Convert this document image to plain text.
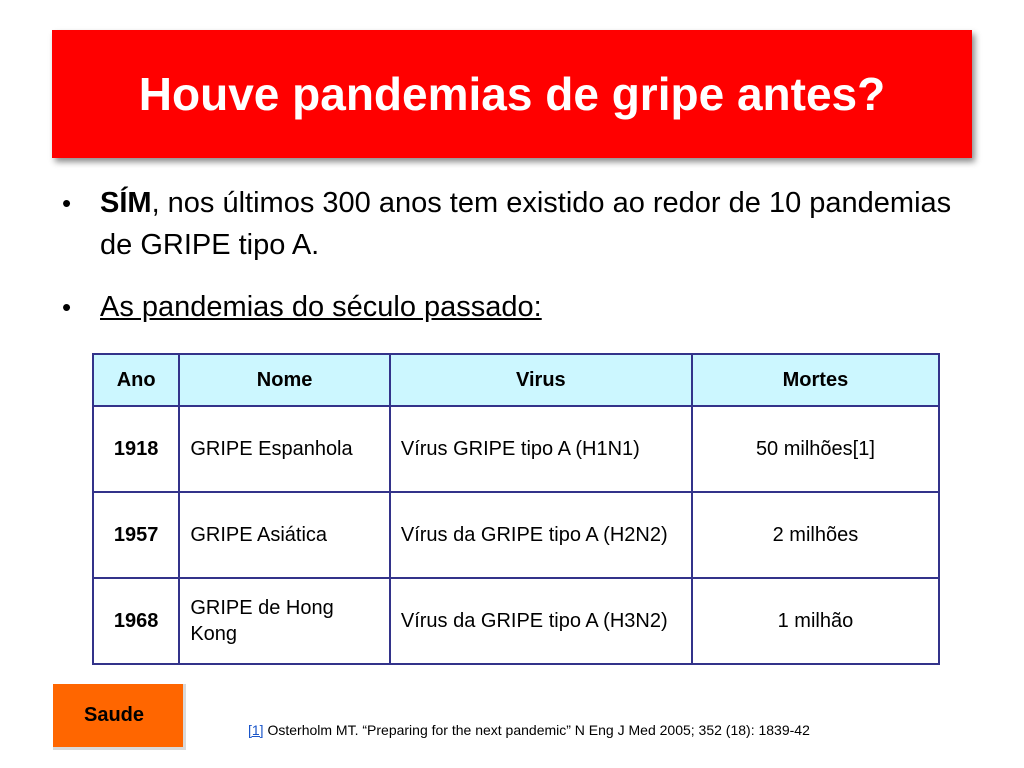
Houve pandemias de gripe antes?
• SÍM, nos últimos 300 anos tem existido ao redor de 10 pandemias de GRIPE tipo A.
• As pandemias do século passado:
Ano	Nome	Virus	Mortes
1918	GRIPE Espanhola	Vírus GRIPE tipo A (H1N1)	50 milhões[1]
1957	GRIPE Asiática	Vírus da GRIPE tipo A (H2N2)	2 milhões
1968	GRIPE de Hong Kong	Vírus da GRIPE tipo A (H3N2)	1 milhão
Saude
[1] Osterholm MT. “Preparing for the next pandemic” N Eng J Med 2005; 352 (18): 1839-42
